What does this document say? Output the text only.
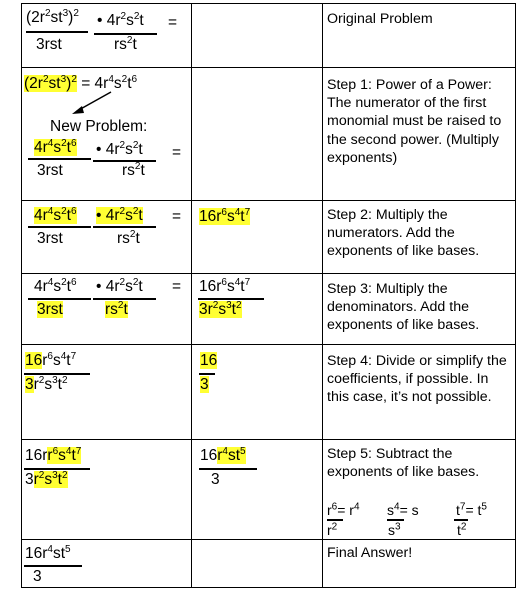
$(2r^2st^3)^2$
3rst
• $4r^2s^2t$
$rs^2t$
=	Original Problem

$(2r^2st^3)^2 = 4r^4s^2t^6$
New Problem:
$4r^4s^2t^6$
3rst
• $4r^2s^2t$
$rs^2t$
=

Step 1: Power of a Power: The numerator of the first monomial must be raised to the second power. (Multiply exponents)

$4r^4s^2t^6$
3rst
• $4r^2s^2t$
$rs^2t$
= $16r^6s^4t^7$	Step 2: Multiply the numerators. Add the exponents of like bases.

$4r^4s^2t^6$
3rst
• $4r^2s^2t$
$rs^2t$
= $16r^6s^4t^7$
$3r^2s^3t^2$

Step 3: Multiply the denominators. Add the exponents of like bases.

$16r^6s^4t^7$
$3r^2s^3t^2$
16
3

Step 4: Divide or simplify the coefficients, if possible. In this case, it’s not possible.

$16rr^6s^4t^7$
$3r^2s^3t^2$
$16r^4st^5$
3

Step 5: Subtract the exponents of like bases.

$r^6= r^4$
$r^2$
$s^4= s$
$s^3$
$t^7= t^5$
$t^2$
$16r^4st^5$
3

Final Answer!
